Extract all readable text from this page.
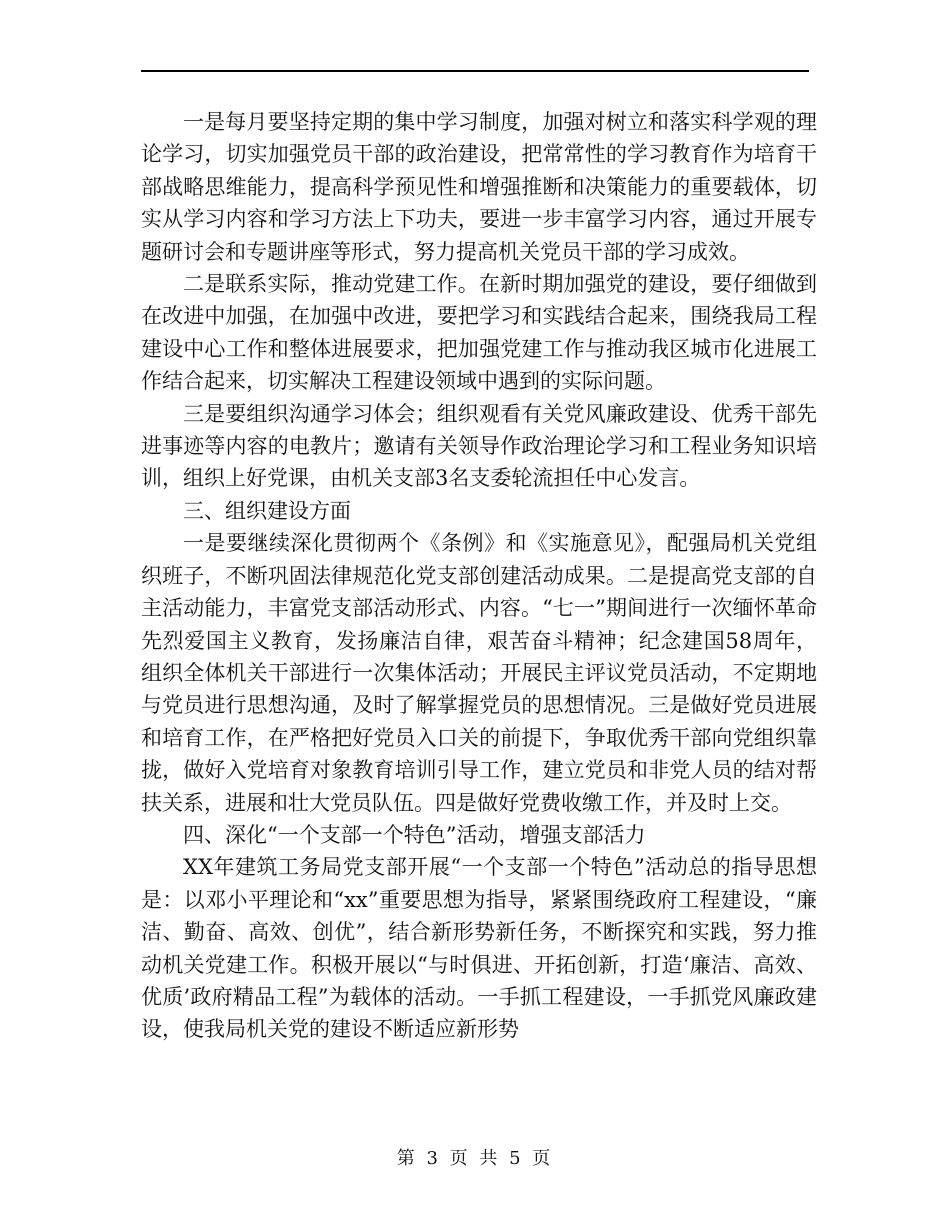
一是每月要坚持定期的集中学习制度，加强对树立和落实科学观的理论学习，切实加强党员干部的政治建设，把常常性的学习教育作为培育干部战略思维能力，提高科学预见性和增强推断和决策能力的重要载体，切实从学习内容和学习方法上下功夫，要进一步丰富学习内容，通过开展专题研讨会和专题讲座等形式，努力提高机关党员干部的学习成效。

二是联系实际，推动党建工作。在新时期加强党的建设，要仔细做到在改进中加强，在加强中改进，要把学习和实践结合起来，围绕我局工程建设中心工作和整体进展要求，把加强党建工作与推动我区城市化进展工作结合起来，切实解决工程建设领域中遇到的实际问题。

三是要组织沟通学习体会；组织观看有关党风廉政建设、优秀干部先进事迹等内容的电教片；邀请有关领导作政治理论学习和工程业务知识培训，组织上好党课，由机关支部3名支委轮流担任中心发言。

三、组织建设方面

一是要继续深化贯彻两个《条例》和《实施意见》，配强局机关党组织班子，不断巩固法律规范化党支部创建活动成果。二是提高党支部的自主活动能力，丰富党支部活动形式、内容。“七一”期间进行一次缅怀革命先烈爱国主义教育，发扬廉洁自律，艰苦奋斗精神；纪念建国58周年，组织全体机关干部进行一次集体活动；开展民主评议党员活动，不定期地与党员进行思想沟通，及时了解掌握党员的思想情况。三是做好党员进展和培育工作，在严格把好党员入口关的前提下，争取优秀干部向党组织靠拢，做好入党培育对象教育培训引导工作，建立党员和非党人员的结对帮扶关系，进展和壮大党员队伍。四是做好党费收缴工作，并及时上交。

四、深化“一个支部一个特色”活动，增强支部活力

XX年建筑工务局党支部开展“一个支部一个特色”活动总的指导思想是：以邓小平理论和“xx”重要思想为指导，紧紧围绕政府工程建设，“廉洁、勤奋、高效、创优”，结合新形势新任务，不断探究和实践，努力推动机关党建工作。积极开展以“与时俱进、开拓创新，打造‘廉洁、高效、优质’政府精品工程”为载体的活动。一手抓工程建设，一手抓党风廉政建设，使我局机关党的建设不断适应新形势

第 3 页 共 5 页
